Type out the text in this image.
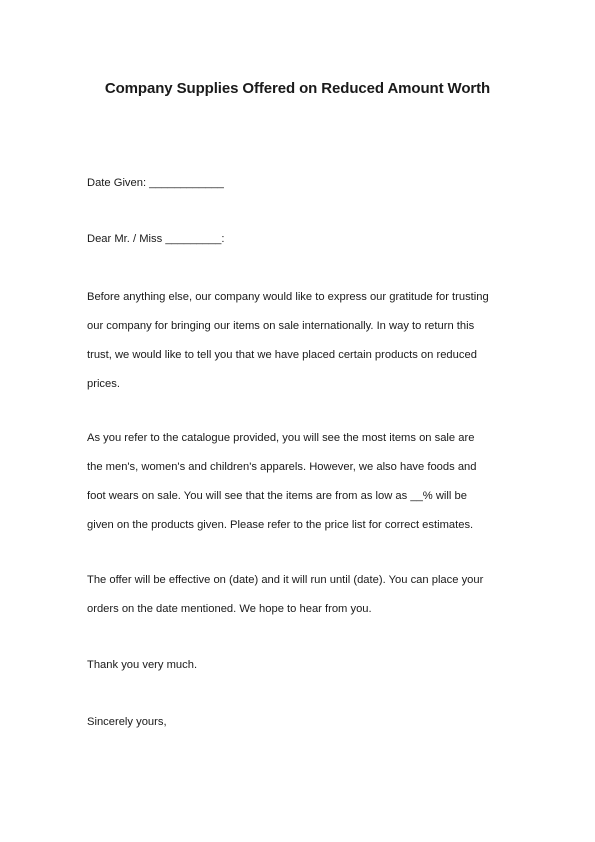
Company Supplies Offered on Reduced Amount Worth

Date Given: ____________

Dear Mr. / Miss _________:

Before anything else, our company would like to express our gratitude for trusting
our company for bringing our items on sale internationally. In way to return this
trust, we would like to tell you that we have placed certain products on reduced
prices.

As you refer to the catalogue provided, you will see the most items on sale are
the men's, women's and children's apparels. However, we also have foods and
foot wears on sale. You will see that the items are from as low as __% will be
given on the products given. Please refer to the price list for correct estimates.

The offer will be effective on (date) and it will run until (date). You can place your
orders on the date mentioned. We hope to hear from you.

Thank you very much.

Sincerely yours,
